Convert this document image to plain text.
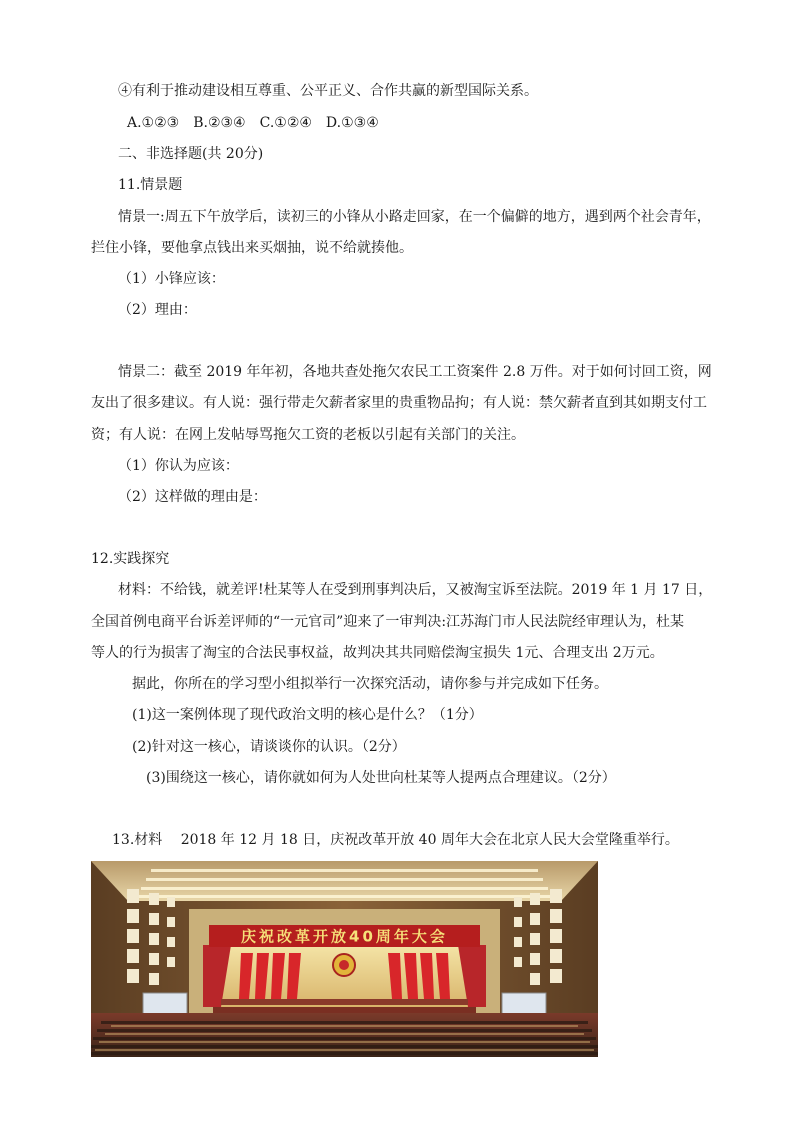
④有利于推动建设相互尊重、公平正义、合作共赢的新型国际关系。
A.①②③　B.②③④　C.①②④　D.①③④
二、非选择题(共 20分)
11.情景题
情景一:周五下午放学后，读初三的小锋从小路走回家，在一个偏僻的地方，遇到两个社会青年，
拦住小锋，要他拿点钱出来买烟抽，说不给就揍他。
（1）小锋应该：
（2）理由：
情景二：截至 2019 年年初，各地共查处拖欠农民工工资案件 2.8 万件。对于如何讨回工资，网
友出了很多建议。有人说：强行带走欠薪者家里的贵重物品拘；有人说：禁欠薪者直到其如期支付工
资；有人说：在网上发帖辱骂拖欠工资的老板以引起有关部门的关注。
（1）你认为应该：
（2）这样做的理由是：
12.实践探究
材料：不给钱，就差评!杜某等人在受到刑事判决后，又被淘宝诉至法院。2019 年 1 月 17 日，
全国首例电商平台诉差评师的“一元官司”迎来了一审判决:江苏海门市人民法院经审理认为，杜某
等人的行为损害了淘宝的合法民事权益，故判决其共同赔偿淘宝损失 1元、合理支出 2万元。
据此，你所在的学习型小组拟举行一次探究活动，请你参与并完成如下任务。
(1)这一案例体现了现代政治文明的核心是什么？（1分）
(2)针对这一核心，请谈谈你的认识。（2分）
(3)围绕这一核心，请你就如何为人处世向杜某等人提两点合理建议。（2分）
13.材料　 2018 年 12 月 18 日，庆祝改革开放 40 周年大会在北京人民大会堂隆重举行。
庆祝改革开放40周年大会
